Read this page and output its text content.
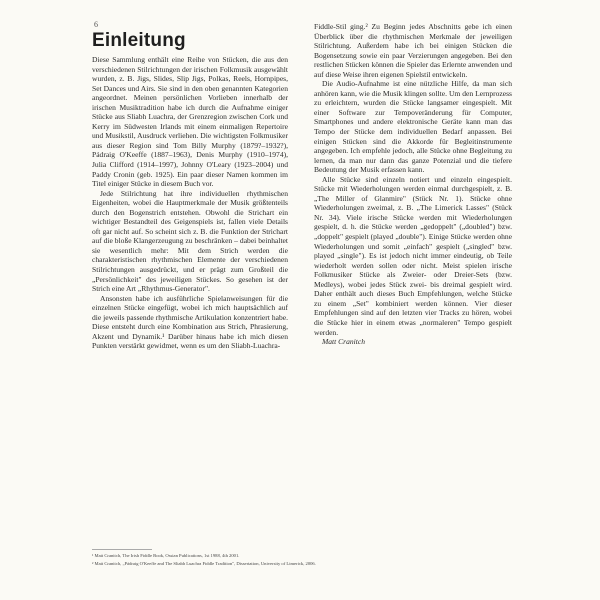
6
Einleitung

Diese Sammlung enthält eine Reihe von Stücken, die aus den verschiedenen Stilrichtungen der irischen Folkmusik ausgewählt wurden, z. B. Jigs, Slides, Slip Jigs, Polkas, Reels, Hornpipes, Set Dances und Airs. Sie sind in den oben genannten Kategorien angeordnet. Meinen persönlichen Vorlieben innerhalb der irischen Musiktradition habe ich durch die Aufnahme einiger Stücke aus Sliabh Luachra, der Grenzregion zwischen Cork und Kerry im Südwesten Irlands mit einem einmaligen Repertoire und Musikstil, Ausdruck verliehen. Die wichtigsten Folkmusiker aus dieser Region sind Tom Billy Murphy (1879?–1932?), Pádraig O'Keeffe (1887–1963), Denis Murphy (1910–1974), Julia Clifford (1914–1997), Johnny O'Leary (1923–2004) und Paddy Cronin (geb. 1925). Ein paar dieser Namen kommen im Titel einiger Stücke in diesem Buch vor.

Jede Stilrichtung hat ihre individuellen rhythmischen Eigenheiten, wobei die Hauptmerkmale der Musik größtenteils durch den Bogenstrich entstehen. Obwohl die Strichart ein wichtiger Bestandteil des Geigenspiels ist, fallen viele Details oft gar nicht auf. So scheint sich z. B. die Funktion der Strichart auf die bloße Klangerzeugung zu beschränken – dabei beinhaltet sie wesentlich mehr: Mit dem Strich werden die charakteristischen rhythmischen Elemente der verschiedenen Stilrichtungen ausgedrückt, und er prägt zum Großteil die „Persönlichkeit" des jeweiligen Stückes. So gesehen ist der Strich eine Art „Rhythmus-Generator".

Ansonsten habe ich ausführliche Spielanweisungen für die einzelnen Stücke eingefügt, wobei ich mich hauptsächlich auf die jeweils passende rhythmische Artikulation konzentriert habe. Diese entsteht durch eine Kombination aus Strich, Phrasierung, Akzent und Dynamik.¹ Darüber hinaus habe ich mich diesen Punkten verstärkt gewidmet, wenn es um den Sliabh-Luachra-

Fiddle-Stil ging.² Zu Beginn jedes Abschnitts gebe ich einen Überblick über die rhythmischen Merkmale der jeweiligen Stilrichtung. Außerdem habe ich bei einigen Stücken die Bogensetzung sowie ein paar Verzierungen angegeben. Bei den restlichen Stücken können die Spieler das Erlernte anwenden und auf diese Weise ihren eigenen Spielstil entwickeln.

Die Audio-Aufnahme ist eine nützliche Hilfe, da man sich anhören kann, wie die Musik klingen sollte. Um den Lernprozess zu erleichtern, wurden die Stücke langsamer eingespielt. Mit einer Software zur Tempoveränderung für Computer, Smartphones und andere elektronische Geräte kann man das Tempo der Stücke dem individuellen Bedarf anpassen. Bei einigen Stücken sind die Akkorde für Begleitinstrumente angegeben. Ich empfehle jedoch, alle Stücke ohne Begleitung zu lernen, da man nur dann das ganze Potenzial und die tiefere Bedeutung der Musik erfassen kann.

Alle Stücke sind einzeln notiert und einzeln eingespielt. Stücke mit Wiederholungen werden einmal durchgespielt, z. B. „The Miller of Glanmire" (Stück Nr. 1). Stücke ohne Wiederholungen zweimal, z. B. „The Limerick Lasses" (Stück Nr. 34). Viele irische Stücke werden mit Wiederholungen gespielt, d. h. die Stücke werden „gedoppelt" („doubled") bzw. „doppelt" gespielt (played „double"). Einige Stücke werden ohne Wiederholungen und somit „einfach" gespielt („singled" bzw. played „single"). Es ist jedoch nicht immer eindeutig, ob Teile wiederholt werden sollen oder nicht. Meist spielen irische Folkmusiker Stücke als Zweier- oder Dreier-Sets (bzw. Medleys), wobei jedes Stück zwei- bis dreimal gespielt wird. Daher enthält auch dieses Buch Empfehlungen, welche Stücke zu einem „Set" kombiniert werden können. Vier dieser Empfehlungen sind auf den letzten vier Tracks zu hören, wobei die Stücke hier in einem etwas „normaleren" Tempo gespielt werden.

Matt Cranitch

¹ Matt Cranitch, The Irish Fiddle Book, Ossian Publications, 1st 1988, 4th 2001.

² Matt Cranitch, „Pádraig O'Keeffe and The Sliabh Luachra Fiddle Tradition", Dissertation, University of Limerick, 2006.
